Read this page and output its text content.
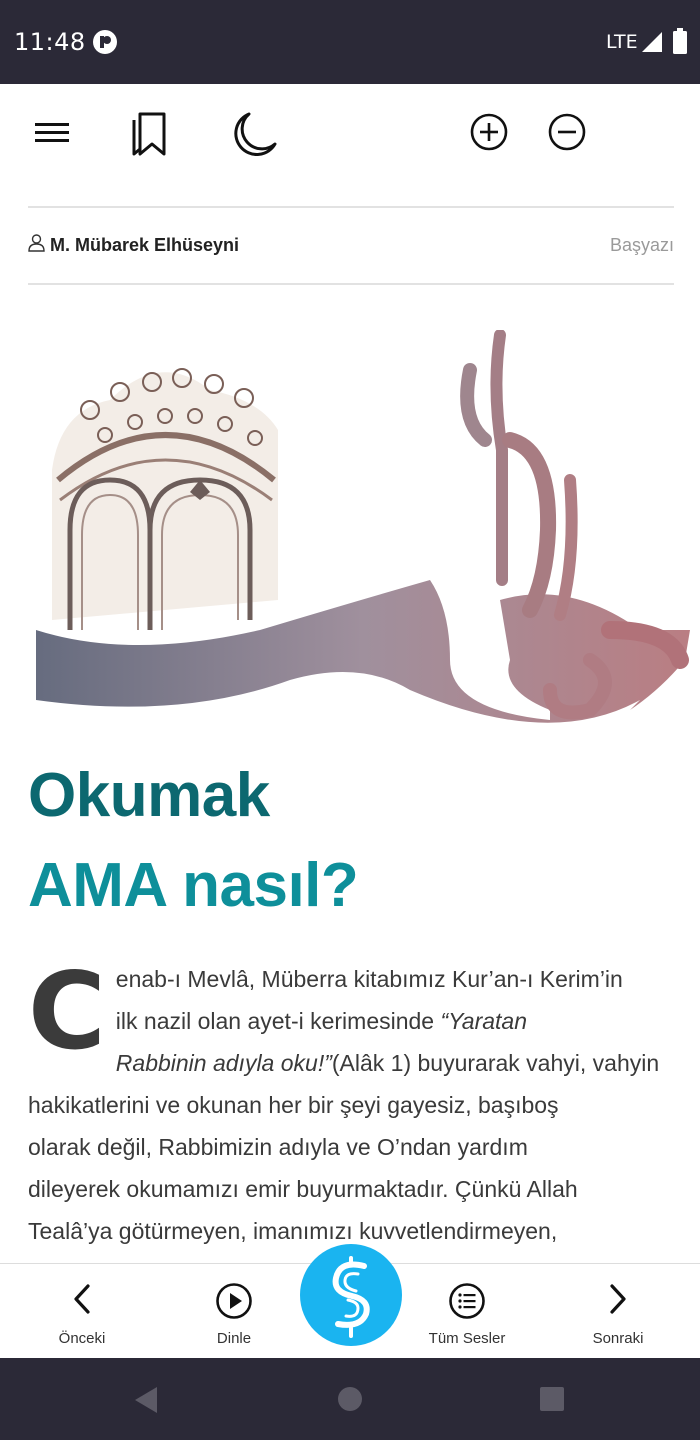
11:48	LTE
M. Mübarek Elhüseyni	Başyazı
Okumak
AMA nasıl?
C enab-ı Mevlâ, Müberra kitabımız Kur’an-ı Kerim’in
ilk nazil olan ayet-i kerimesinde “Yaratan
Rabbinin adıyla oku!”(Alâk 1) buyurarak vahyi, vahyin
hakikatlerini ve okunan her bir şeyi gayesiz, başıboş
olarak değil, Rabbimizin adıyla ve O’ndan yardım
dileyerek okumamızı emir buyurmaktadır. Çünkü Allah
Tealâ’ya götürmeyen, imanımızı kuvvetlendirmeyen,
Önceki	Dinle	Tüm Sesler	Sonraki
